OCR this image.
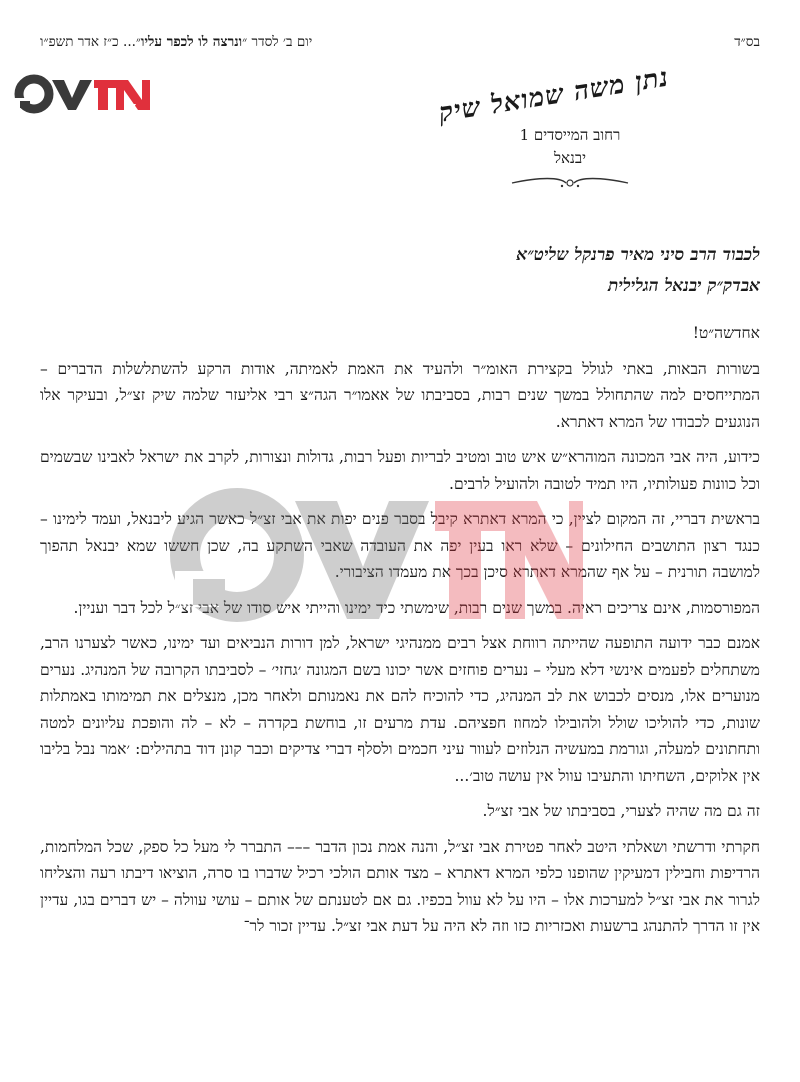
בס״ד
יום ב׳ לסדר ״ונרצה לו לכפר עליו״... כ״ז אדר תשפ״ו
נתן משה שמואל שיק
רחוב המייסדים 1
יבנאל
לכבוד הרב סיני מאיר פרנקל שליט״א
אבדק״ק יבנאל הגלילית
אחדשה״ט!

בשורות הבאות, באתי לגולל בקצירת האומ״ר ולהעיד את האמת לאמיתה, אודות הרקע להשתלשלות הדברים – המתייחסים למה שהתחולל במשך שנים רבות, בסביבתו של אאמו״ר הגה״צ רבי אליעזר שלמה שיק זצ״ל, ובעיקר אלו הנוגעים לכבודו של המרא דאתרא.

כידוע, היה אבי המכונה המוהרא״ש איש טוב ומטיב לבריות ופעל רבות, גדולות ונצורות, לקרב את ישראל לאבינו שבשמים וכל כוונות פעולותיו, היו תמיד לטובה ולהועיל לרבים.

בראשית דבריי, זה המקום לציין, כי המרא דאתרא קיבל בסבר פנים יפות את אבי זצ״ל כאשר הגיע ליבנאל, ועמד לימינו – כנגד רצון התושבים החילונים – שלא ראו בעין יפה את העובדה שאבי השתקע בה, שכן חששו שמא יבנאל תהפוך למושבה תורנית – על אף שהמרא דאתרא סיכן בכך את מעמדו הציבורי.

המפורסמות, אינם צריכים ראיה. במשך שנים רבות, שימשתי כיד ימינו והייתי איש סודו של אבי זצ״ל לכל דבר ועניין.

אמנם כבר ידועה התופעה שהייתה רווחת אצל רבים ממנהיגי ישראל, למן דורות הנביאים ועד ימינו, כאשר לצערנו הרב, משתחלים לפעמים אינשי דלא מעלי – נערים פוחזים אשר יכונו בשם המגונה ׳גחזי׳ – לסביבתו הקרובה של המנהיג. נערים מנוערים אלו, מנסים לכבוש את לב המנהיג, כדי להוכיח להם את נאמנותם ולאחר מכן, מנצלים את תמימותו באמתלות שונות, כדי להוליכו שולל ולהובילו למחוז חפציהם. עדת מרעים זו, בוחשת בקדרה – לא – לה והופכת עליונים למטה ותחתונים למעלה, וגורמת במעשיה הנלוזים לעוור עיני חכמים ולסלף דברי צדיקים וכבר קונן דוד בתהילים: ׳אמר נבל בליבו אין אלוקים, השחיתו והתעיבו עוול אין עושה טוב׳...

זה גם מה שהיה לצערי, בסביבתו של אבי זצ״ל.

חקרתי ודרשתי ושאלתי היטב לאחר פטירת אבי זצ״ל, והנה אמת נכון הדבר ––– התברר לי מעל כל ספק, שכל המלחמות, הרדיפות וחבילין דמעיקין שהופנו כלפי המרא דאתרא – מצד אותם הולכי רכיל שדברו בו סרה, הוציאו דיבתו רעה והצליחו לגרור את אבי זצ״ל למערכות אלו – היו על לא עוול בכפיו. גם אם לטענתם של אותם – עושי עוולה – יש דברים בגו, עדיין אין זו הדרך להתנהג ברשעות ואכזריות כזו וזה לא היה על דעת אבי זצ״ל. עדיין זכור לר־
